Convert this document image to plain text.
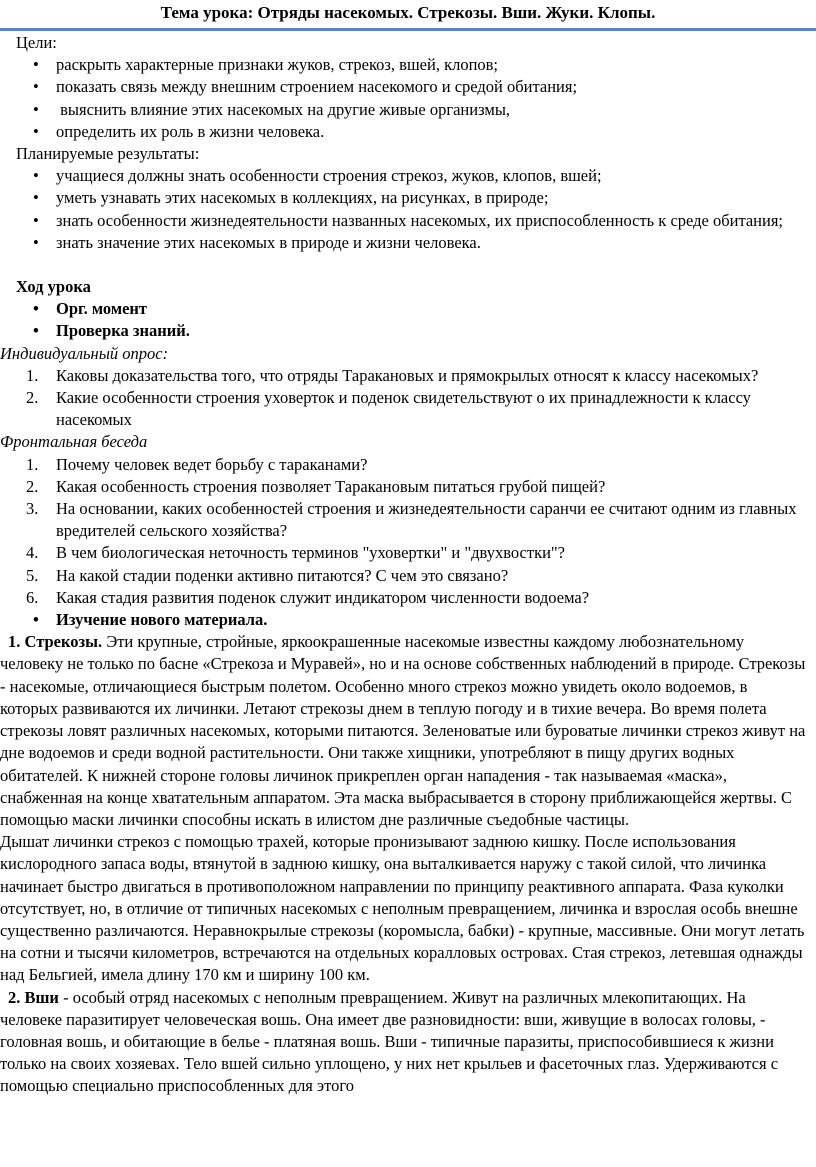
Тема урока: Отряды насекомых. Стрекозы. Вши. Жуки. Клопы.
Цели:
• раскрыть характерные признаки жуков, стрекоз, вшей, клопов;
• показать связь между внешним строением насекомого и средой обитания;
• выяснить влияние этих насекомых на другие живые организмы,
• определить их роль в жизни человека.
Планируемые результаты:
• учащиеся должны знать особенности строения стрекоз, жуков, клопов, вшей;
• уметь узнавать этих насекомых в коллекциях, на рисунках, в природе;
• знать особенности жизнедеятельности названных насекомых, их приспособленность к среде обитания;
• знать значение этих насекомых в природе и жизни человека.
Ход урока
• Орг. момент
• Проверка знаний.
Индивидуальный опрос:
1. Каковы доказательства того, что отряды Таракановых и прямокрылых относят к классу насекомых?
2. Какие особенности строения уховерток и поденок свидетельствуют о их принадлежности к классу насекомых
Фронтальная беседа
1. Почему человек ведет борьбу с тараканами?
2. Какая особенность строения позволяет Таракановым питаться грубой пищей?
3. На основании, каких особенностей строения и жизнедеятельности саранчи ее считают одним из главных вредителей сельского хозяйства?
4. В чем биологическая неточность терминов "уховертки" и "двухвостки"?
5. На какой стадии поденки активно питаются? С чем это связано?
6. Какая стадия развития поденок служит индикатором численности водоема?
• Изучение нового материала.
1. Стрекозы. Эти крупные, стройные, яркоокрашенные насекомые известны каждому любознательному человеку не только по басне «Стрекоза и Муравей», но и на основе собственных наблюдений в природе. Стрекозы - насекомые, отличающиеся быстрым полетом. Особенно много стрекоз можно увидеть около водоемов, в которых развиваются их личинки. Летают стрекозы днем в теплую погоду и в тихие вечера. Во время полета стрекозы ловят различных насекомых, которыми питаются. Зеленоватые или буроватые личинки стрекоз живут на дне водоемов и среди водной растительности. Они также хищники, употребляют в пищу других водных обитателей. К нижней стороне головы личинок прикреплен орган нападения - так называемая «маска», снабженная на конце хватательным аппаратом. Эта маска выбрасывается в сторону приближающейся жертвы. С помощью маски личинки способны искать в илистом дне различные съедобные частицы.
Дышат личинки стрекоз с помощью трахей, которые пронизывают заднюю кишку. После использования кислородного запаса воды, втянутой в заднюю кишку, она выталкивается наружу с такой силой, что личинка начинает быстро двигаться в противоположном направлении по принципу реактивного аппарата. Фаза куколки отсутствует, но, в отличие от типичных насекомых с неполным превращением, личинка и взрослая особь внешне существенно различаются. Неравнокрылые стрекозы (коромысла, бабки) - крупные, массивные. Они могут летать на сотни и тысячи километров, встречаются на отдельных коралловых островах. Стая стрекоз, летевшая однажды над Бельгией, имела длину 170 км и ширину 100 км.
2. Вши - особый отряд насекомых с неполным превращением. Живут на различных млекопитающих. На человеке паразитирует человеческая вошь. Она имеет две разновидности: вши, живущие в волосах головы, - головная вошь, и обитающие в белье - платяная вошь. Вши - типичные паразиты, приспособившиеся к жизни только на своих хозяевах. Тело вшей сильно уплощено, у них нет крыльев и фасеточных глаз. Удерживаются с помощью специально приспособленных для этого
